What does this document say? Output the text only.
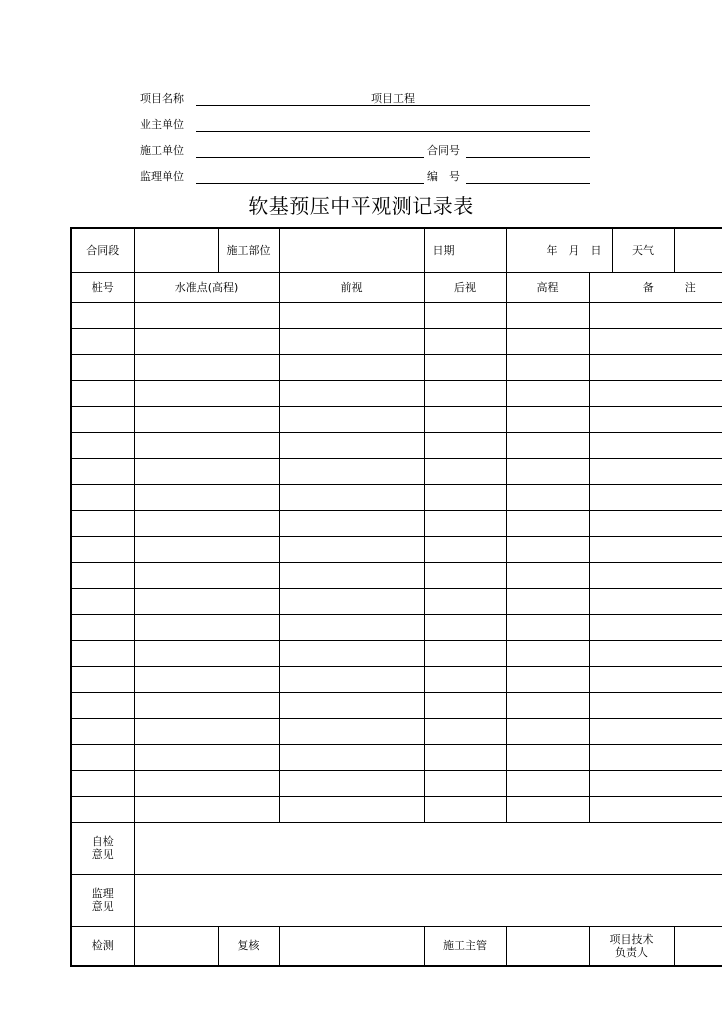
项目名称	项目工程
业主单位
施工单位	合同号
监理单位	编　号
软基预压中平观测记录表
合同段		施工部位		日期	年　月　日		天气	
桩号	水准点(高程)		前视	后视	高程	备　　注		

自检
意见								
监理
意见								
检测		复核		施工主管		项目技术
负责人		
